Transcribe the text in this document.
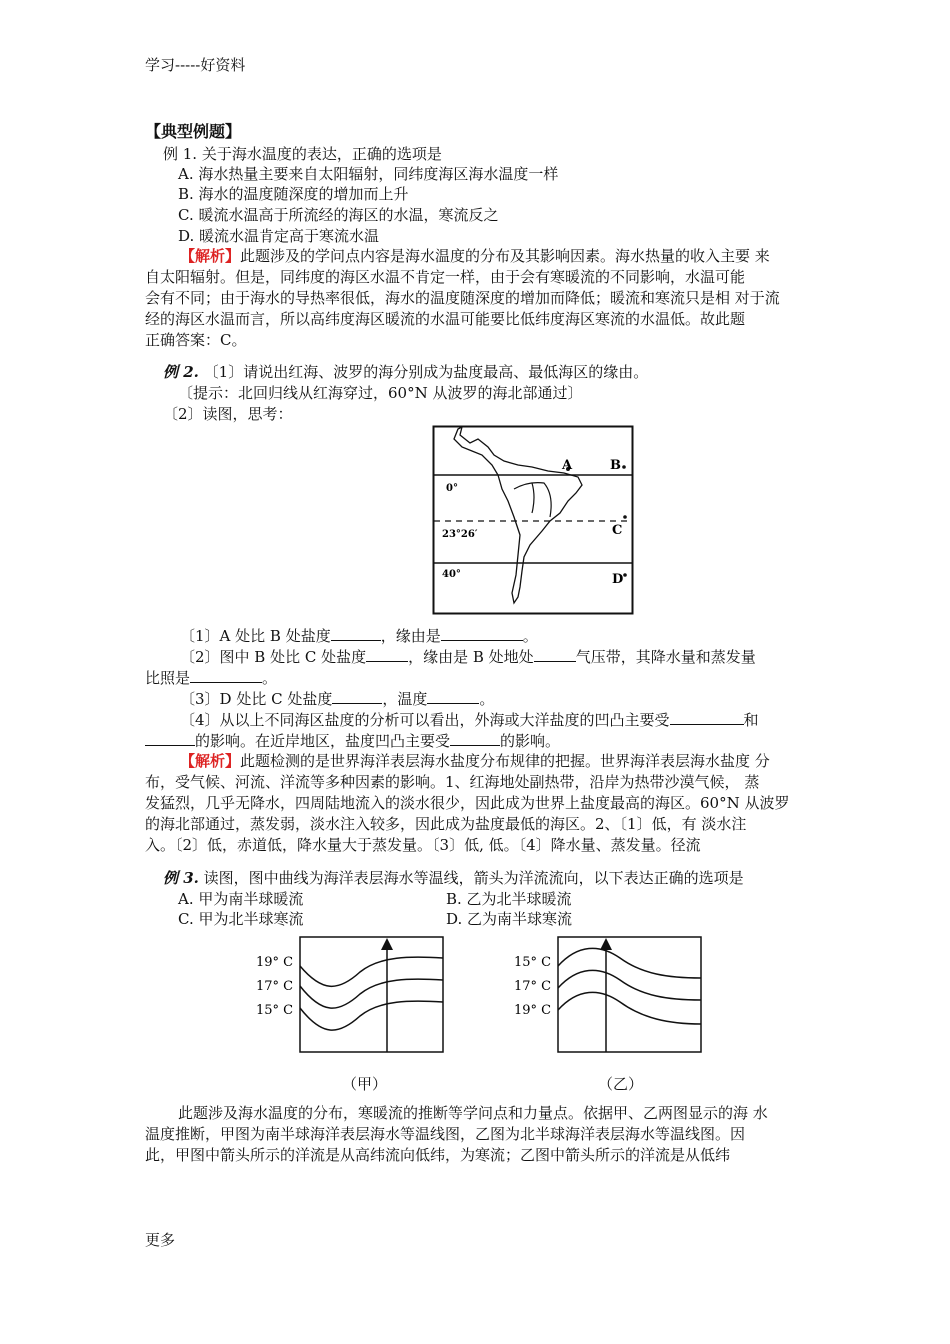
学习-----好资料
【典型例题】
例 1. 关于海水温度的表达，正确的选项是
A. 海水热量主要来自太阳辐射，同纬度海区海水温度一样
B. 海水的温度随深度的增加而上升
C. 暖流水温高于所流经的海区的水温，寒流反之
D. 暖流水温肯定高于寒流水温
【解析】此题涉及的学问点内容是海水温度的分布及其影响因素。海水热量的收入主要 来
自太阳辐射。但是，同纬度的海区水温不肯定一样，由于会有寒暖流的不同影响，水温可能
会有不同；由于海水的导热率很低，海水的温度随深度的增加而降低；暖流和寒流只是相 对于流
经的海区水温而言，所以高纬度海区暖流的水温可能要比低纬度海区寒流的水温低。故此题
正确答案：C。
例 2. 〔1〕请说出红海、波罗的海分别成为盐度最高、最低海区的缘由。
〔提示：北回归线从红海穿过，60°N 从波罗的海北部通过〕
〔2〕读图，思考：
A	B
C
D
0°
23°26′
40°
〔1〕A 处比 B 处盐度	，缘由是	。
〔2〕图中 B 处比 C 处盐度	，缘由是 B 处地处	气压带，其降水量和蒸发量
比照是	。
〔3〕D 处比 C 处盐度	，温度	。
〔4〕从以上不同海区盐度的分析可以看出，外海或大洋盐度的凹凸主要受	和
的影响。在近岸地区，盐度凹凸主要受	的影响。
【解析】此题检测的是世界海洋表层海水盐度分布规律的把握。世界海洋表层海水盐度 分
布，受气候、河流、洋流等多种因素的影响。1、红海地处副热带，沿岸为热带沙漠气候， 蒸
发猛烈，几乎无降水，四周陆地流入的淡水很少，因此成为世界上盐度最高的海区。60°N 从波罗
的海北部通过，蒸发弱，淡水注入较多，因此成为盐度最低的海区。2、〔1〕低，有 淡水注
入。〔2〕低，赤道低，降水量大于蒸发量。〔3〕低, 低。〔4〕降水量、蒸发量。径流
例 3. 读图，图中曲线为海洋表层海水等温线，箭头为洋流流向，以下表达正确的选项是
A. 甲为南半球暖流	B. 乙为北半球暖流
C. 甲为北半球寒流	D. 乙为南半球寒流
19° C
17° C
15° C
（甲）
15° C
17° C
19° C
（乙）
此题涉及海水温度的分布，寒暖流的推断等学问点和力量点。依据甲、乙两图显示的海 水
温度推断，甲图为南半球海洋表层海水等温线图，乙图为北半球海洋表层海水等温线图。因
此，甲图中箭头所示的洋流是从高纬流向低纬，为寒流；乙图中箭头所示的洋流是从低纬
更多
